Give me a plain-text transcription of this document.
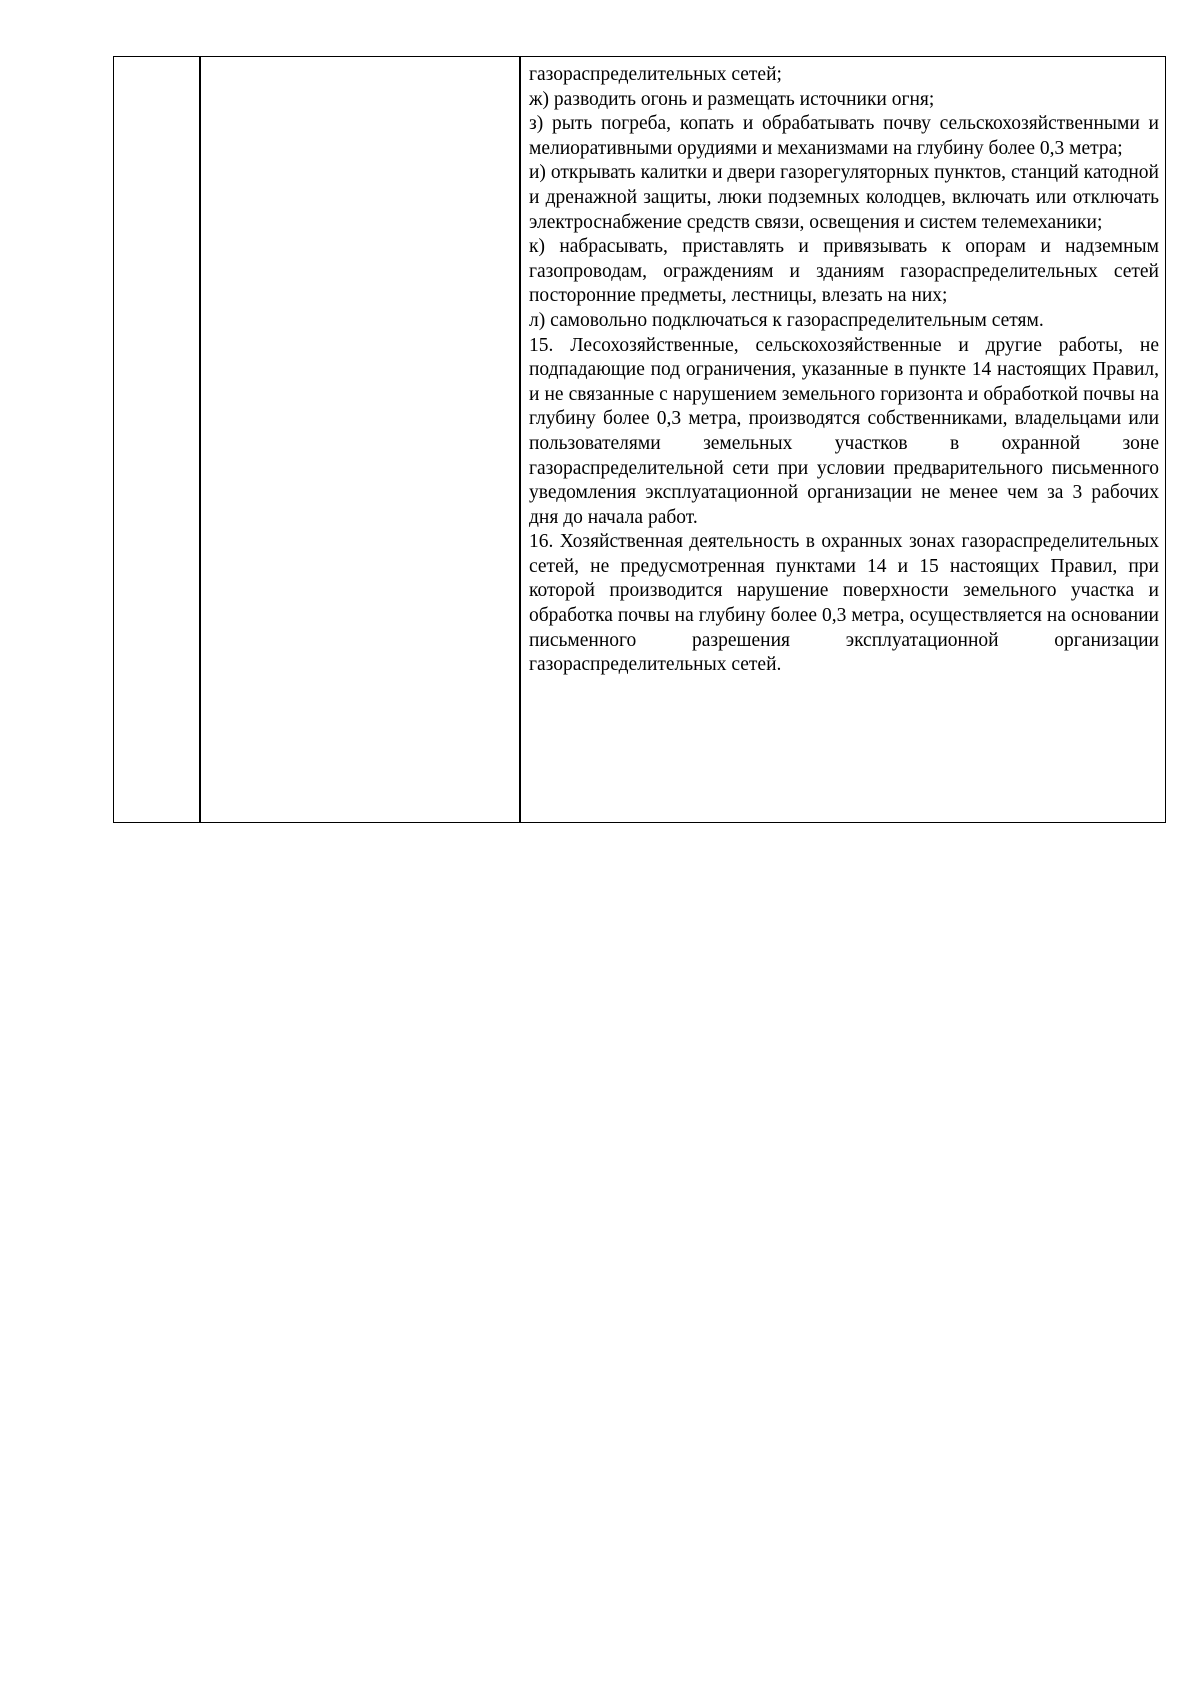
газораспределительных сетей;

ж) разводить огонь и размещать источники огня;

з) рыть погреба, копать и обрабатывать почву сельскохозяйственными и мелиоративными орудиями и механизмами на глубину более 0,3 метра;

и) открывать калитки и двери газорегуляторных пунктов, станций катодной и дренажной защиты, люки подземных колодцев, включать или отключать электроснабжение средств связи, освещения и систем телемеханики;

к) набрасывать, приставлять и привязывать к опорам и надземным газопроводам, ограждениям и зданиям газораспределительных сетей посторонние предметы, лестницы, влезать на них;

л) самовольно подключаться к газораспределительным сетям.

15. Лесохозяйственные, сельскохозяйственные и другие работы, не подпадающие под ограничения, указанные в пункте 14 настоящих Правил, и не связанные с нарушением земельного горизонта и обработкой почвы на глубину более 0,3 метра, производятся собственниками, владельцами или пользователями земельных участков в охранной зоне газораспределительной сети при условии предварительного письменного уведомления эксплуатационной организации не менее чем за 3 рабочих дня до начала работ.

16. Хозяйственная деятельность в охранных зонах газораспределительных сетей, не предусмотренная пунктами 14 и 15 настоящих Правил, при которой производится нарушение поверхности земельного участка и обработка почвы на глубину более 0,3 метра, осуществляется на основании письменного разрешения эксплуатационной организации газораспределительных сетей.
